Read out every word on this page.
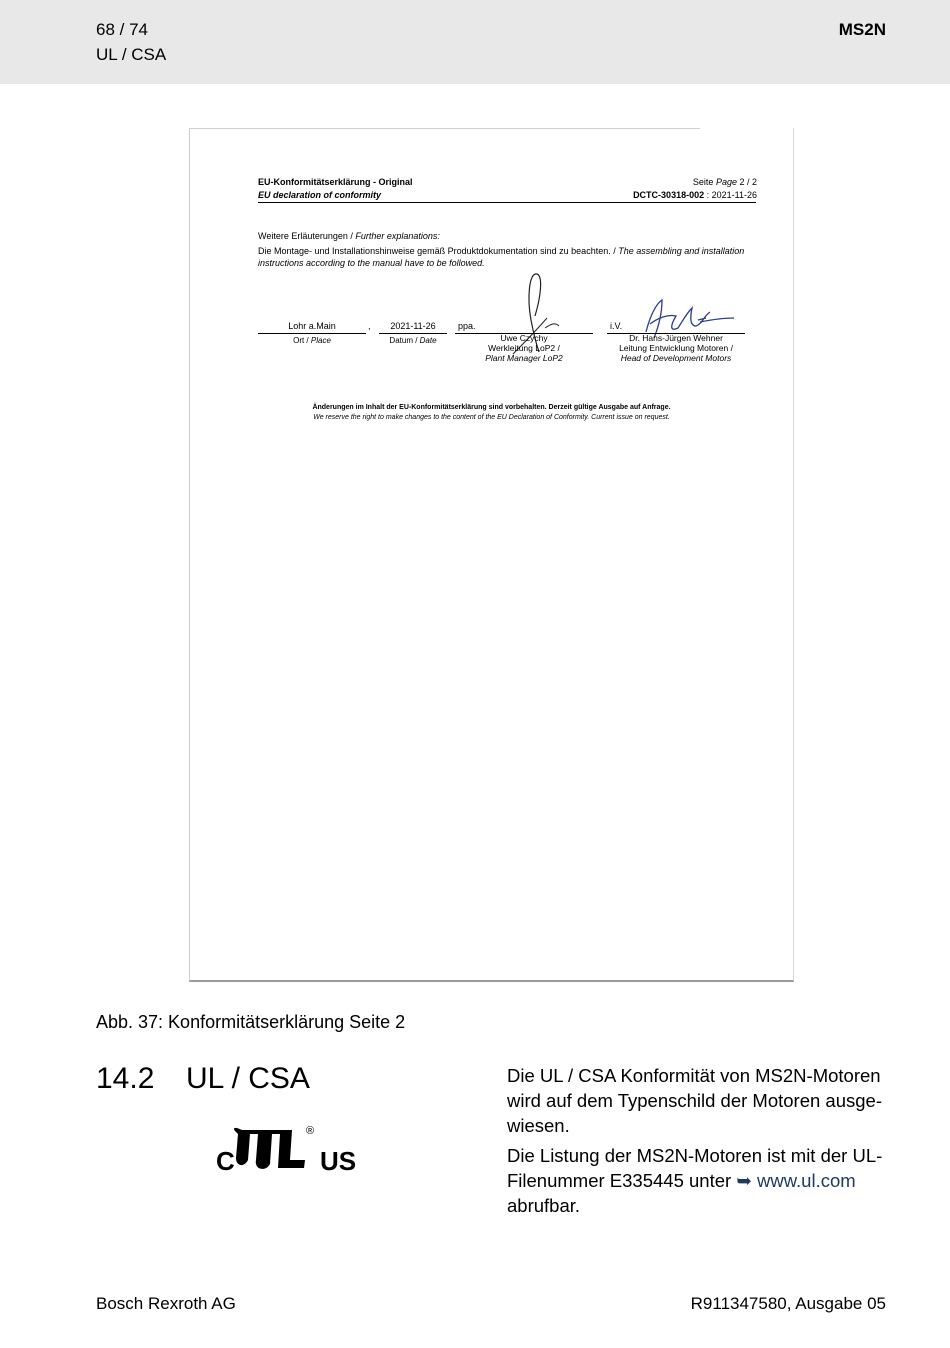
68 / 74
UL / CSA
MS2N
EU-Konformitätserklärung - Original
EU declaration of conformity
Seite Page 2 / 2
DCTC-30318-002 : 2021-11-26
Weitere Erläuterungen / Further explanations:
Die Montage- und Installationshinweise gemäß Produktdokumentation sind zu beachten. / The assembling and installation
instructions according to the manual have to be followed.
Lohr a.Main	,
Ort / Place
2021-11-26
Datum / Date
ppa.
Uwe Czychy
Werkleitung LoP2 /
Plant Manager LoP2
i.V.
Dr. Hans-Jürgen Wehner
Leitung Entwicklung Motoren /
Head of Development Motors
Änderungen im Inhalt der EU-Konformitätserklärung sind vorbehalten. Derzeit gültige Ausgabe auf Anfrage.
We reserve the right to make changes to the content of the EU Declaration of Conformity. Current issue on request.
Abb. 37: Konformitätserklärung Seite 2
14.2 UL / CSA
C	US
®

Die UL / CSA Konformität von MS2N-Motoren wird auf dem Typenschild der Motoren ausge-wiesen.

Die Listung der MS2N-Motoren ist mit der UL-Filenummer E335445 unter ➥ www.ul.com
abrufbar.

Bosch Rexroth AG	R911347580, Ausgabe 05
